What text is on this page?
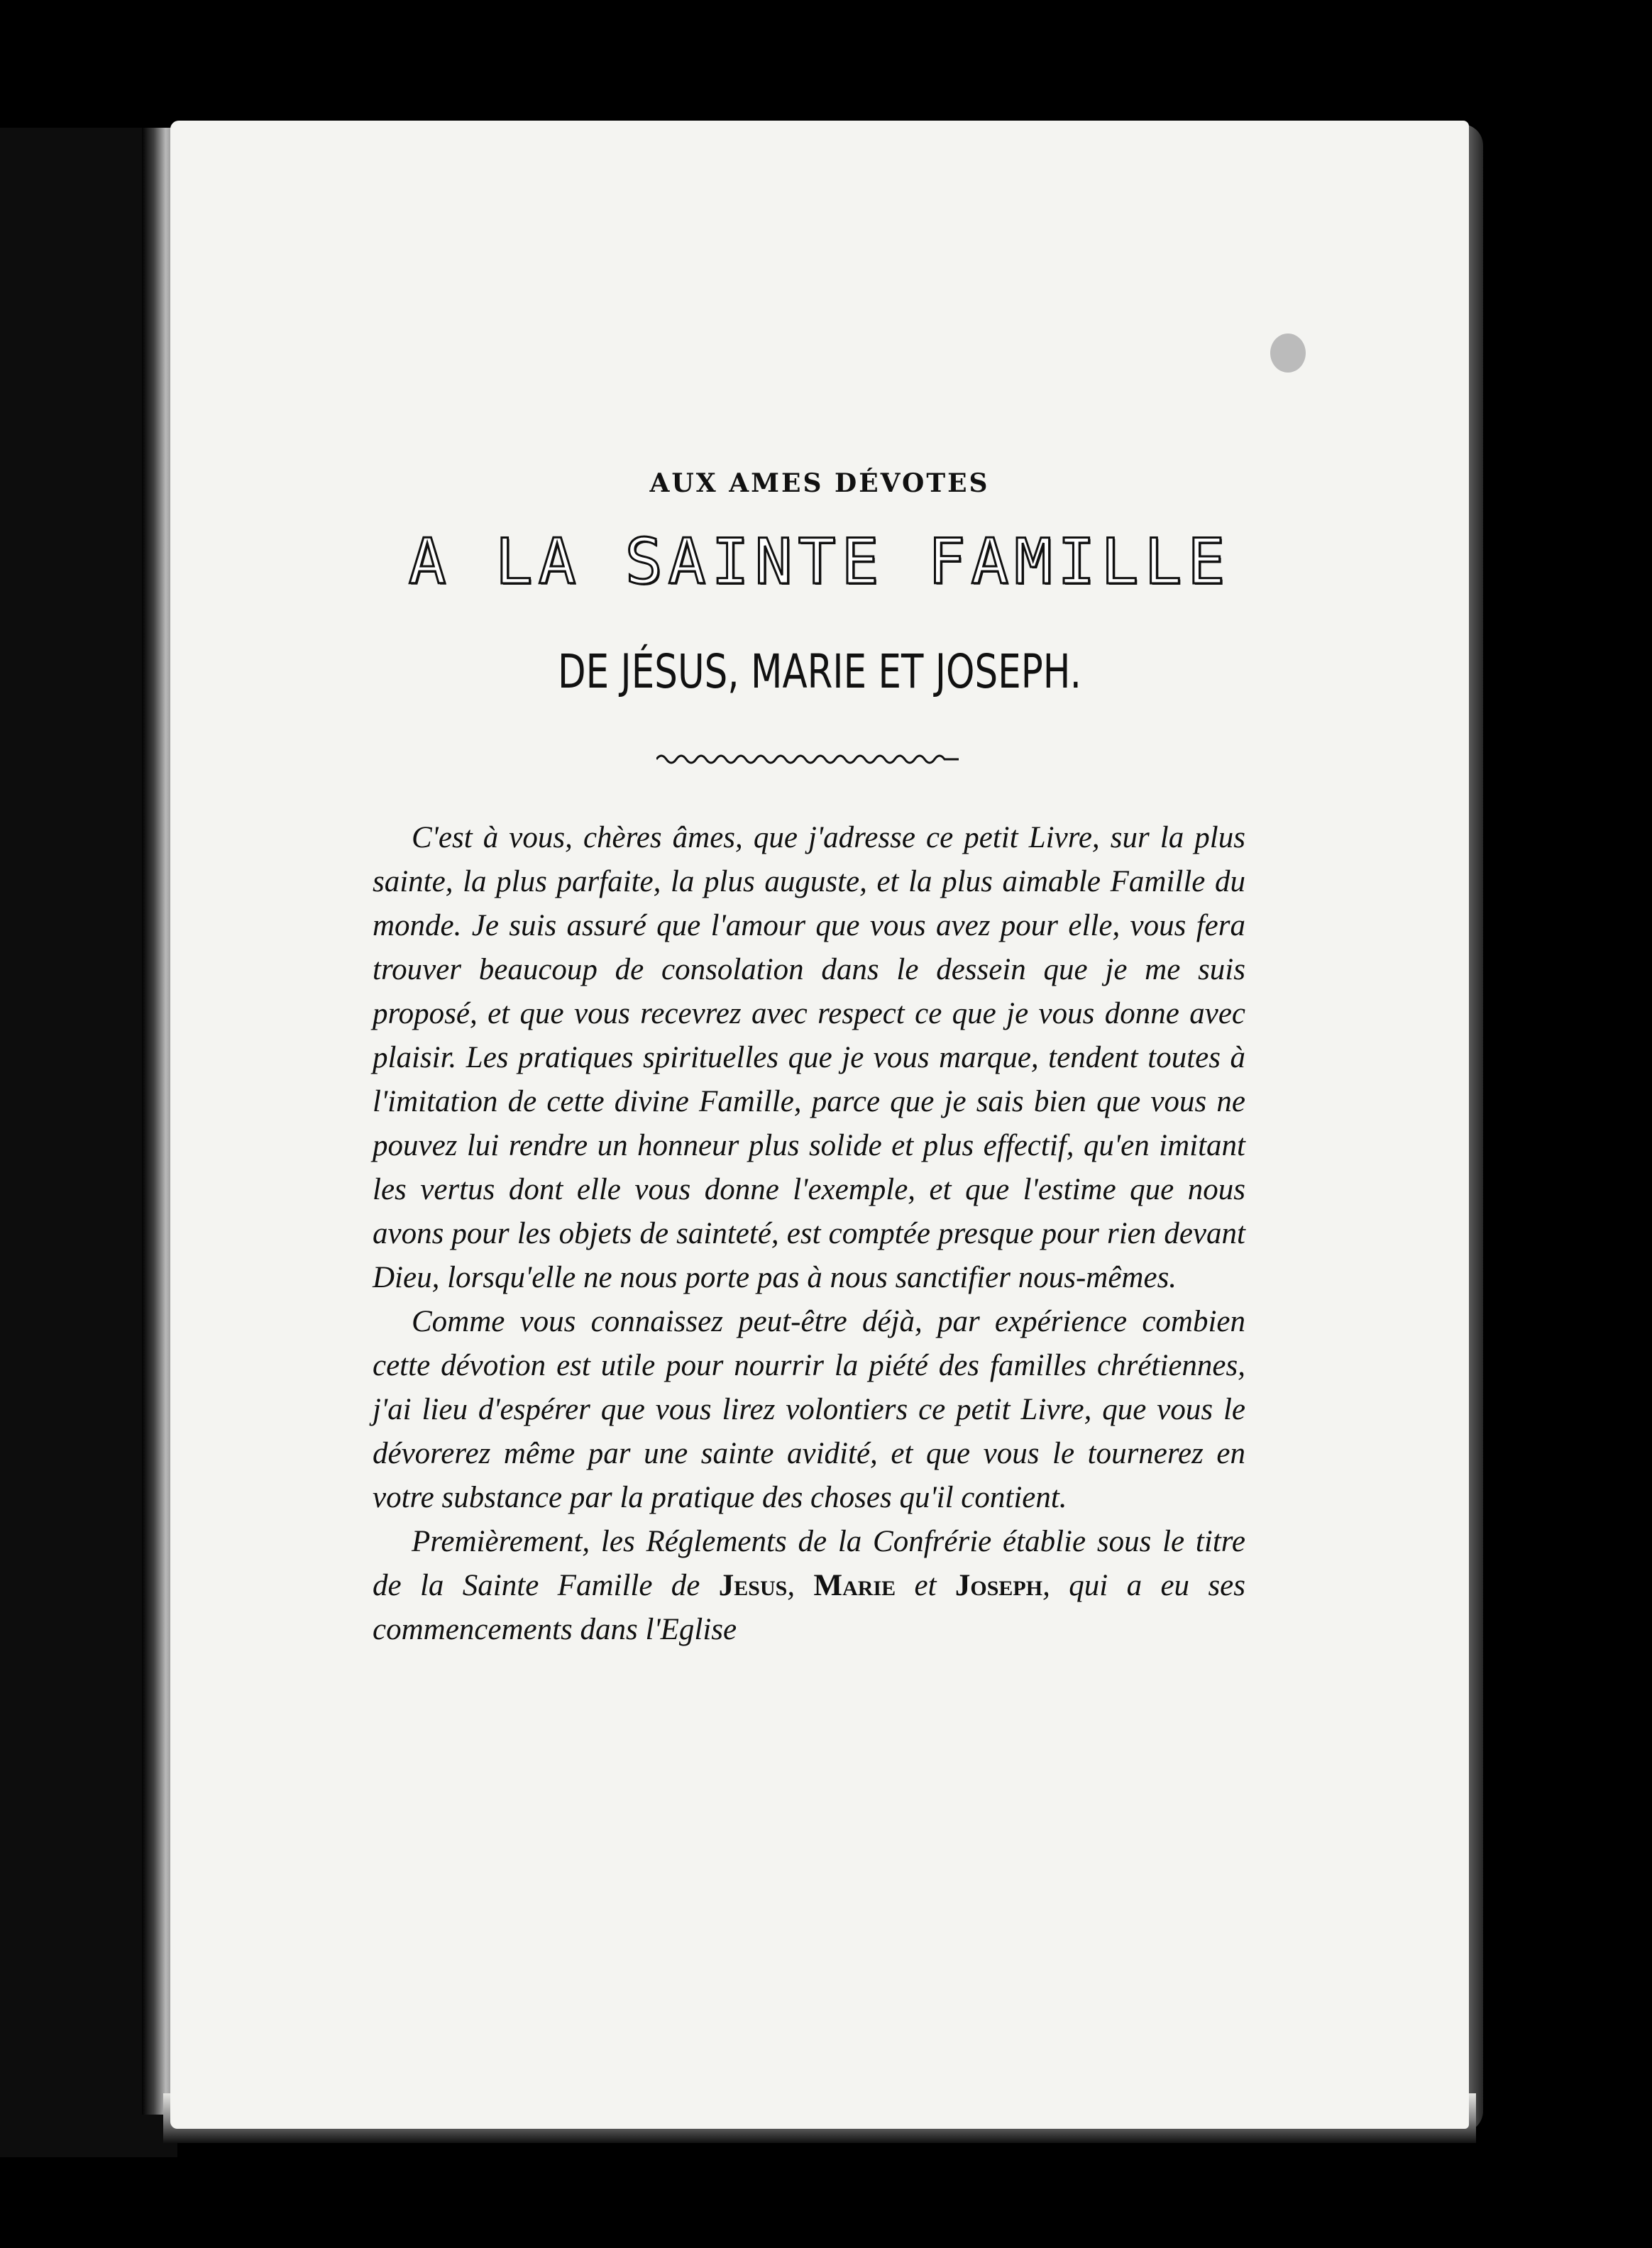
AUX AMES DÉVOTES
A LA SAINTE FAMILLE
DE JÉSUS, MARIE ET JOSEPH.

C'est à vous, chères âmes, que j'adresse ce petit Livre, sur la plus sainte, la plus parfaite, la plus auguste, et la plus aimable Famille du monde. Je suis assuré que l'amour que vous avez pour elle, vous fera trouver beaucoup de consolation dans le dessein que je me suis proposé, et que vous recevrez avec respect ce que je vous donne avec plaisir. Les pratiques spirituelles que je vous marque, tendent toutes à l'imitation de cette divine Famille, parce que je sais bien que vous ne pouvez lui rendre un honneur plus solide et plus effectif, qu'en imitant les vertus dont elle vous donne l'exemple, et que l'estime que nous avons pour les objets de sainteté, est comptée presque pour rien devant Dieu, lorsqu'elle ne nous porte pas à nous sanctifier nous-mêmes.

Comme vous connaissez peut-être déjà, par expérience combien cette dévotion est utile pour nourrir la piété des familles chrétiennes, j'ai lieu d'espérer que vous lirez volontiers ce petit Livre, que vous le dévorerez même par une sainte avidité, et que vous le tournerez en votre substance par la pratique des choses qu'il contient.

Premièrement, les Réglements de la Confrérie établie sous le titre de la Sainte Famille de Jesus, Marie et Joseph, qui a eu ses commencements dans l'Eglise
